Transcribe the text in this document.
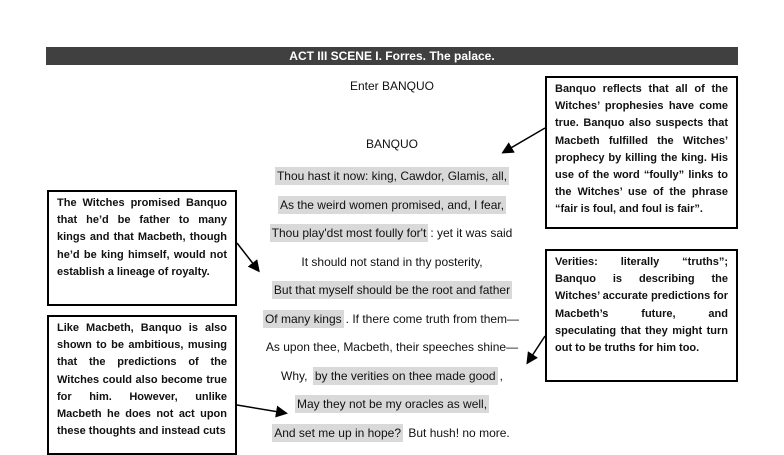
ACT III SCENE I. Forres. The palace.
Enter BANQUO
BANQUO
Thou hast it now: king, Cawdor, Glamis, all,
As the weird women promised, and, I fear,
Thou play'dst most foully for't : yet it was said
It should not stand in thy posterity,
But that myself should be the root and father
Of many kings . If there come truth from them—
As upon thee, Macbeth, their speeches shine—
Why, by the verities on thee made good ,
May they not be my oracles as well,
And set me up in hope? But hush! no more.

Banquo reflects that all of the Witches’ prophesies have come true. Banquo also suspects that Macbeth fulfilled the Witches’ prophecy by killing the king. His use of the word “foully” links to the Witches’ use of the phrase “fair is foul, and foul is fair”.

The Witches promised Banquo that he’d be father to many kings and that Macbeth, though he’d be king himself, would not establish a lineage of royalty.

Verities: literally “truths”; Banquo is describing the Witches’ accurate predictions for Macbeth’s future, and speculating that they might turn out to be truths for him too.

Like Macbeth, Banquo is also shown to be ambitious, musing that the predictions of the Witches could also become true for him. However, unlike Macbeth he does not act upon these thoughts and instead cuts
